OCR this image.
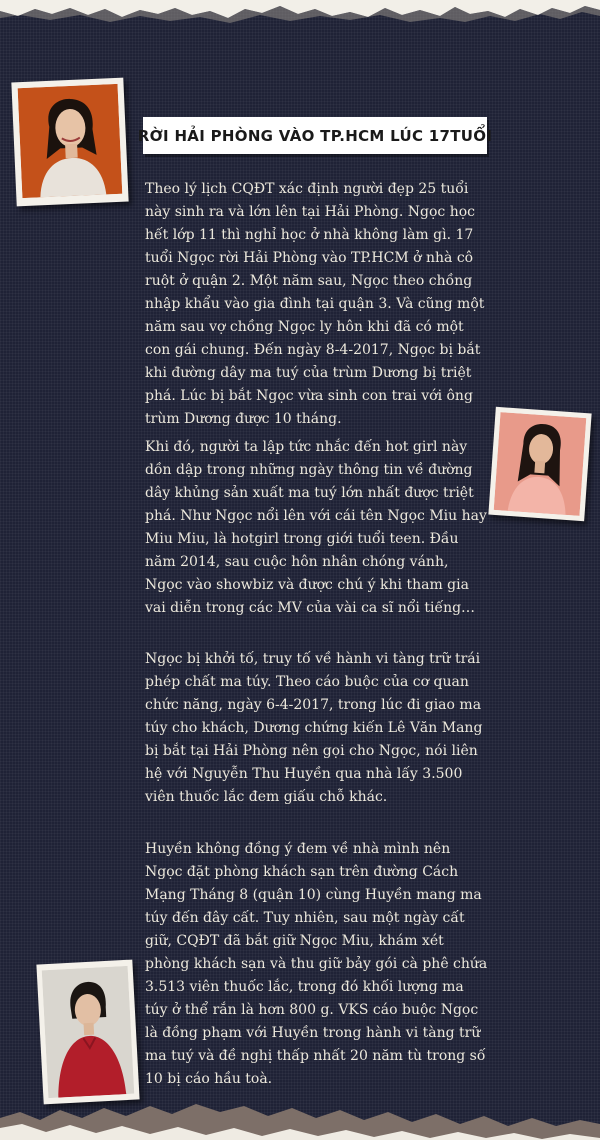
RỜI HẢI PHÒNG VÀO TP.HCM LÚC 17TUỔI

Theo lý lịch CQĐT xác định người đẹp 25 tuổi này sinh ra và lớn lên tại Hải Phòng. Ngọc học hết lớp 11 thì nghỉ học ở nhà không làm gì. 17 tuổi Ngọc rời Hải Phòng vào TP.HCM ở nhà cô ruột ở quận 2. Một năm sau, Ngọc theo chồng nhập khẩu vào gia đình tại quận 3. Và cũng một năm sau vợ chồng Ngọc ly hôn khi đã có một con gái chung. Đến ngày 8-4-2017, Ngọc bị bắt khi đường dây ma tuý của trùm Dương bị triệt phá. Lúc bị bắt Ngọc vừa sinh con trai với ông trùm Dương được 10 tháng.

Khi đó, người ta lập tức nhắc đến hot girl này dồn dập trong những ngày thông tin về đường dây khủng sản xuất ma tuý lớn nhất được triệt phá. Như Ngọc nổi lên với cái tên Ngọc Miu hay Miu Miu, là hotgirl trong giới tuổi teen. Đầu năm 2014, sau cuộc hôn nhân chóng vánh, Ngọc vào showbiz và được chú ý khi tham gia vai diễn trong các MV của vài ca sĩ nổi tiếng…

Ngọc bị khởi tố, truy tố về hành vi tàng trữ trái phép chất ma túy. Theo cáo buộc của cơ quan chức năng, ngày 6-4-2017, trong lúc đi giao ma túy cho khách, Dương chứng kiến Lê Văn Mang bị bắt tại Hải Phòng nên gọi cho Ngọc, nói liên hệ với Nguyễn Thu Huyền qua nhà lấy 3.500 viên thuốc lắc đem giấu chỗ khác.

Huyền không đồng ý đem về nhà mình nên Ngọc đặt phòng khách sạn trên đường Cách Mạng Tháng 8 (quận 10) cùng Huyền mang ma túy đến đây cất. Tuy nhiên, sau một ngày cất giữ, CQĐT đã bắt giữ Ngọc Miu, khám xét phòng khách sạn và thu giữ bảy gói cà phê chứa 3.513 viên thuốc lắc, trong đó khối lượng ma túy ở thể rắn là hơn 800 g. VKS cáo buộc Ngọc là đồng phạm với Huyền trong hành vi tàng trữ ma tuý và đề nghị thấp nhất 20 năm tù trong số 10 bị cáo hầu toà.
